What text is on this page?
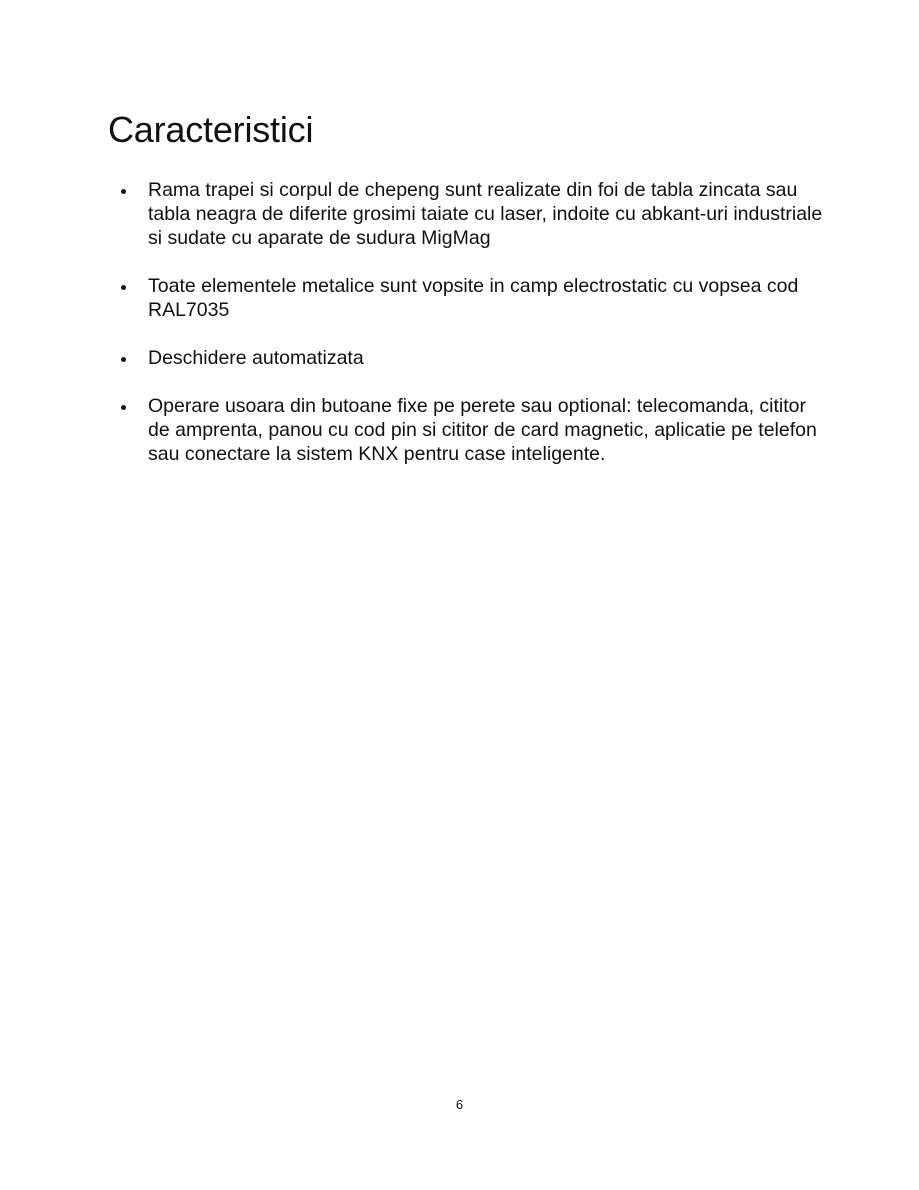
Caracteristici
Rama trapei si corpul de chepeng sunt realizate din foi de tabla zincata sau tabla neagra de diferite grosimi taiate cu laser, indoite cu abkant-uri industriale si sudate cu aparate de sudura MigMag
Toate elementele metalice sunt vopsite in camp electrostatic cu vopsea cod RAL7035
Deschidere automatizata
Operare usoara din butoane fixe pe perete sau optional: telecomanda, cititor de amprenta, panou cu cod pin si cititor de card magnetic, aplicatie pe telefon sau conectare la sistem KNX pentru case inteligente.
6
